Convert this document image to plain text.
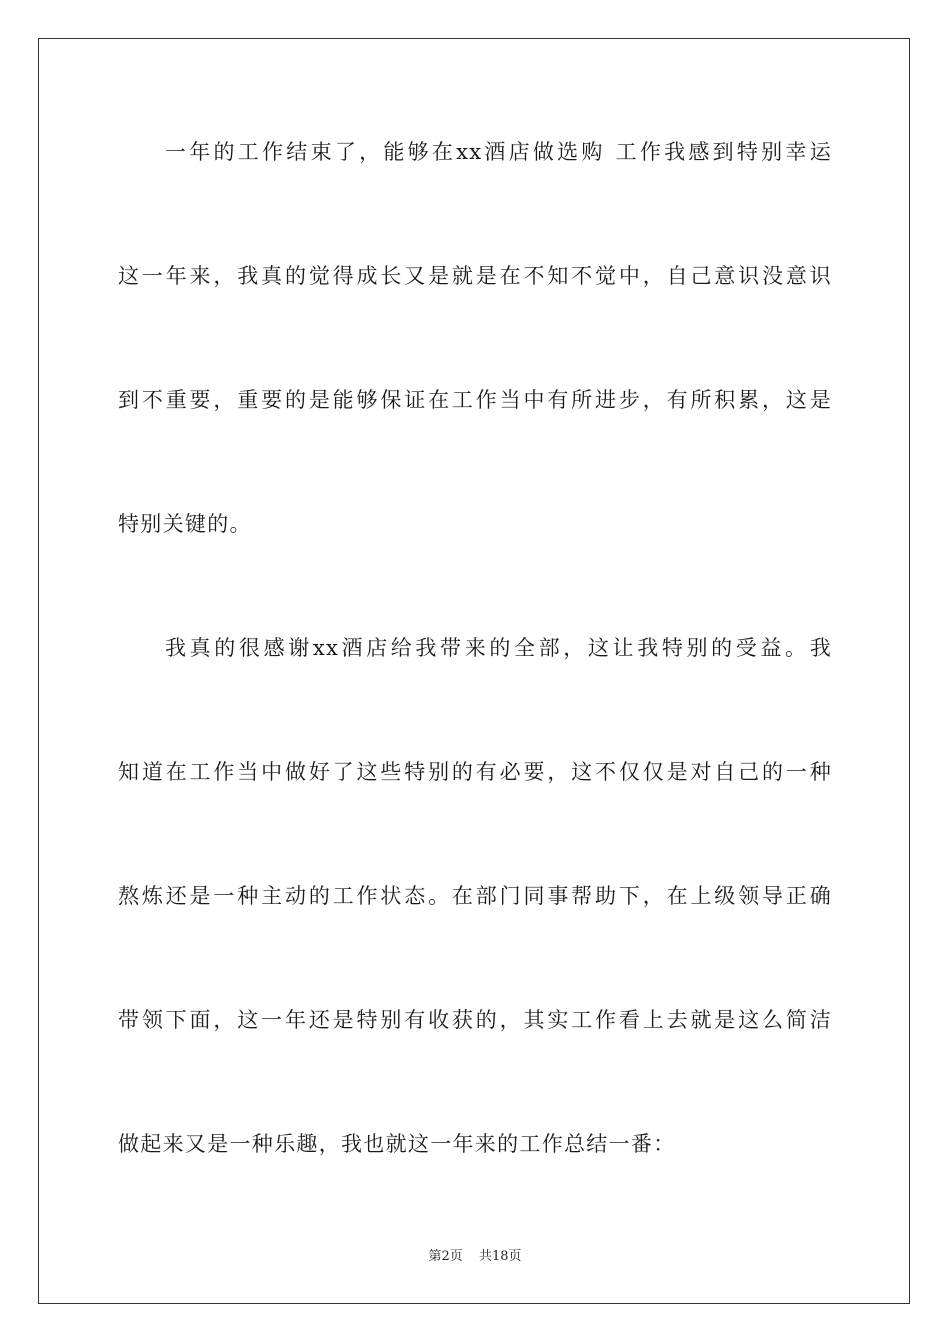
一年的工作结束了，能够在xx酒店做选购 工作我感到特别幸运
这一年来，我真的觉得成长又是就是在不知不觉中，自己意识没意识
到不重要，重要的是能够保证在工作当中有所进步，有所积累，这是
特别关键的。
我真的很感谢xx酒店给我带来的全部，这让我特别的受益。我
知道在工作当中做好了这些特别的有必要，这不仅仅是对自己的一种
熬炼还是一种主动的工作状态。在部门同事帮助下，在上级领导正确
带领下面，这一年还是特别有收获的，其实工作看上去就是这么简洁
做起来又是一种乐趣，我也就这一年来的工作总结一番：
第2页 共18页
